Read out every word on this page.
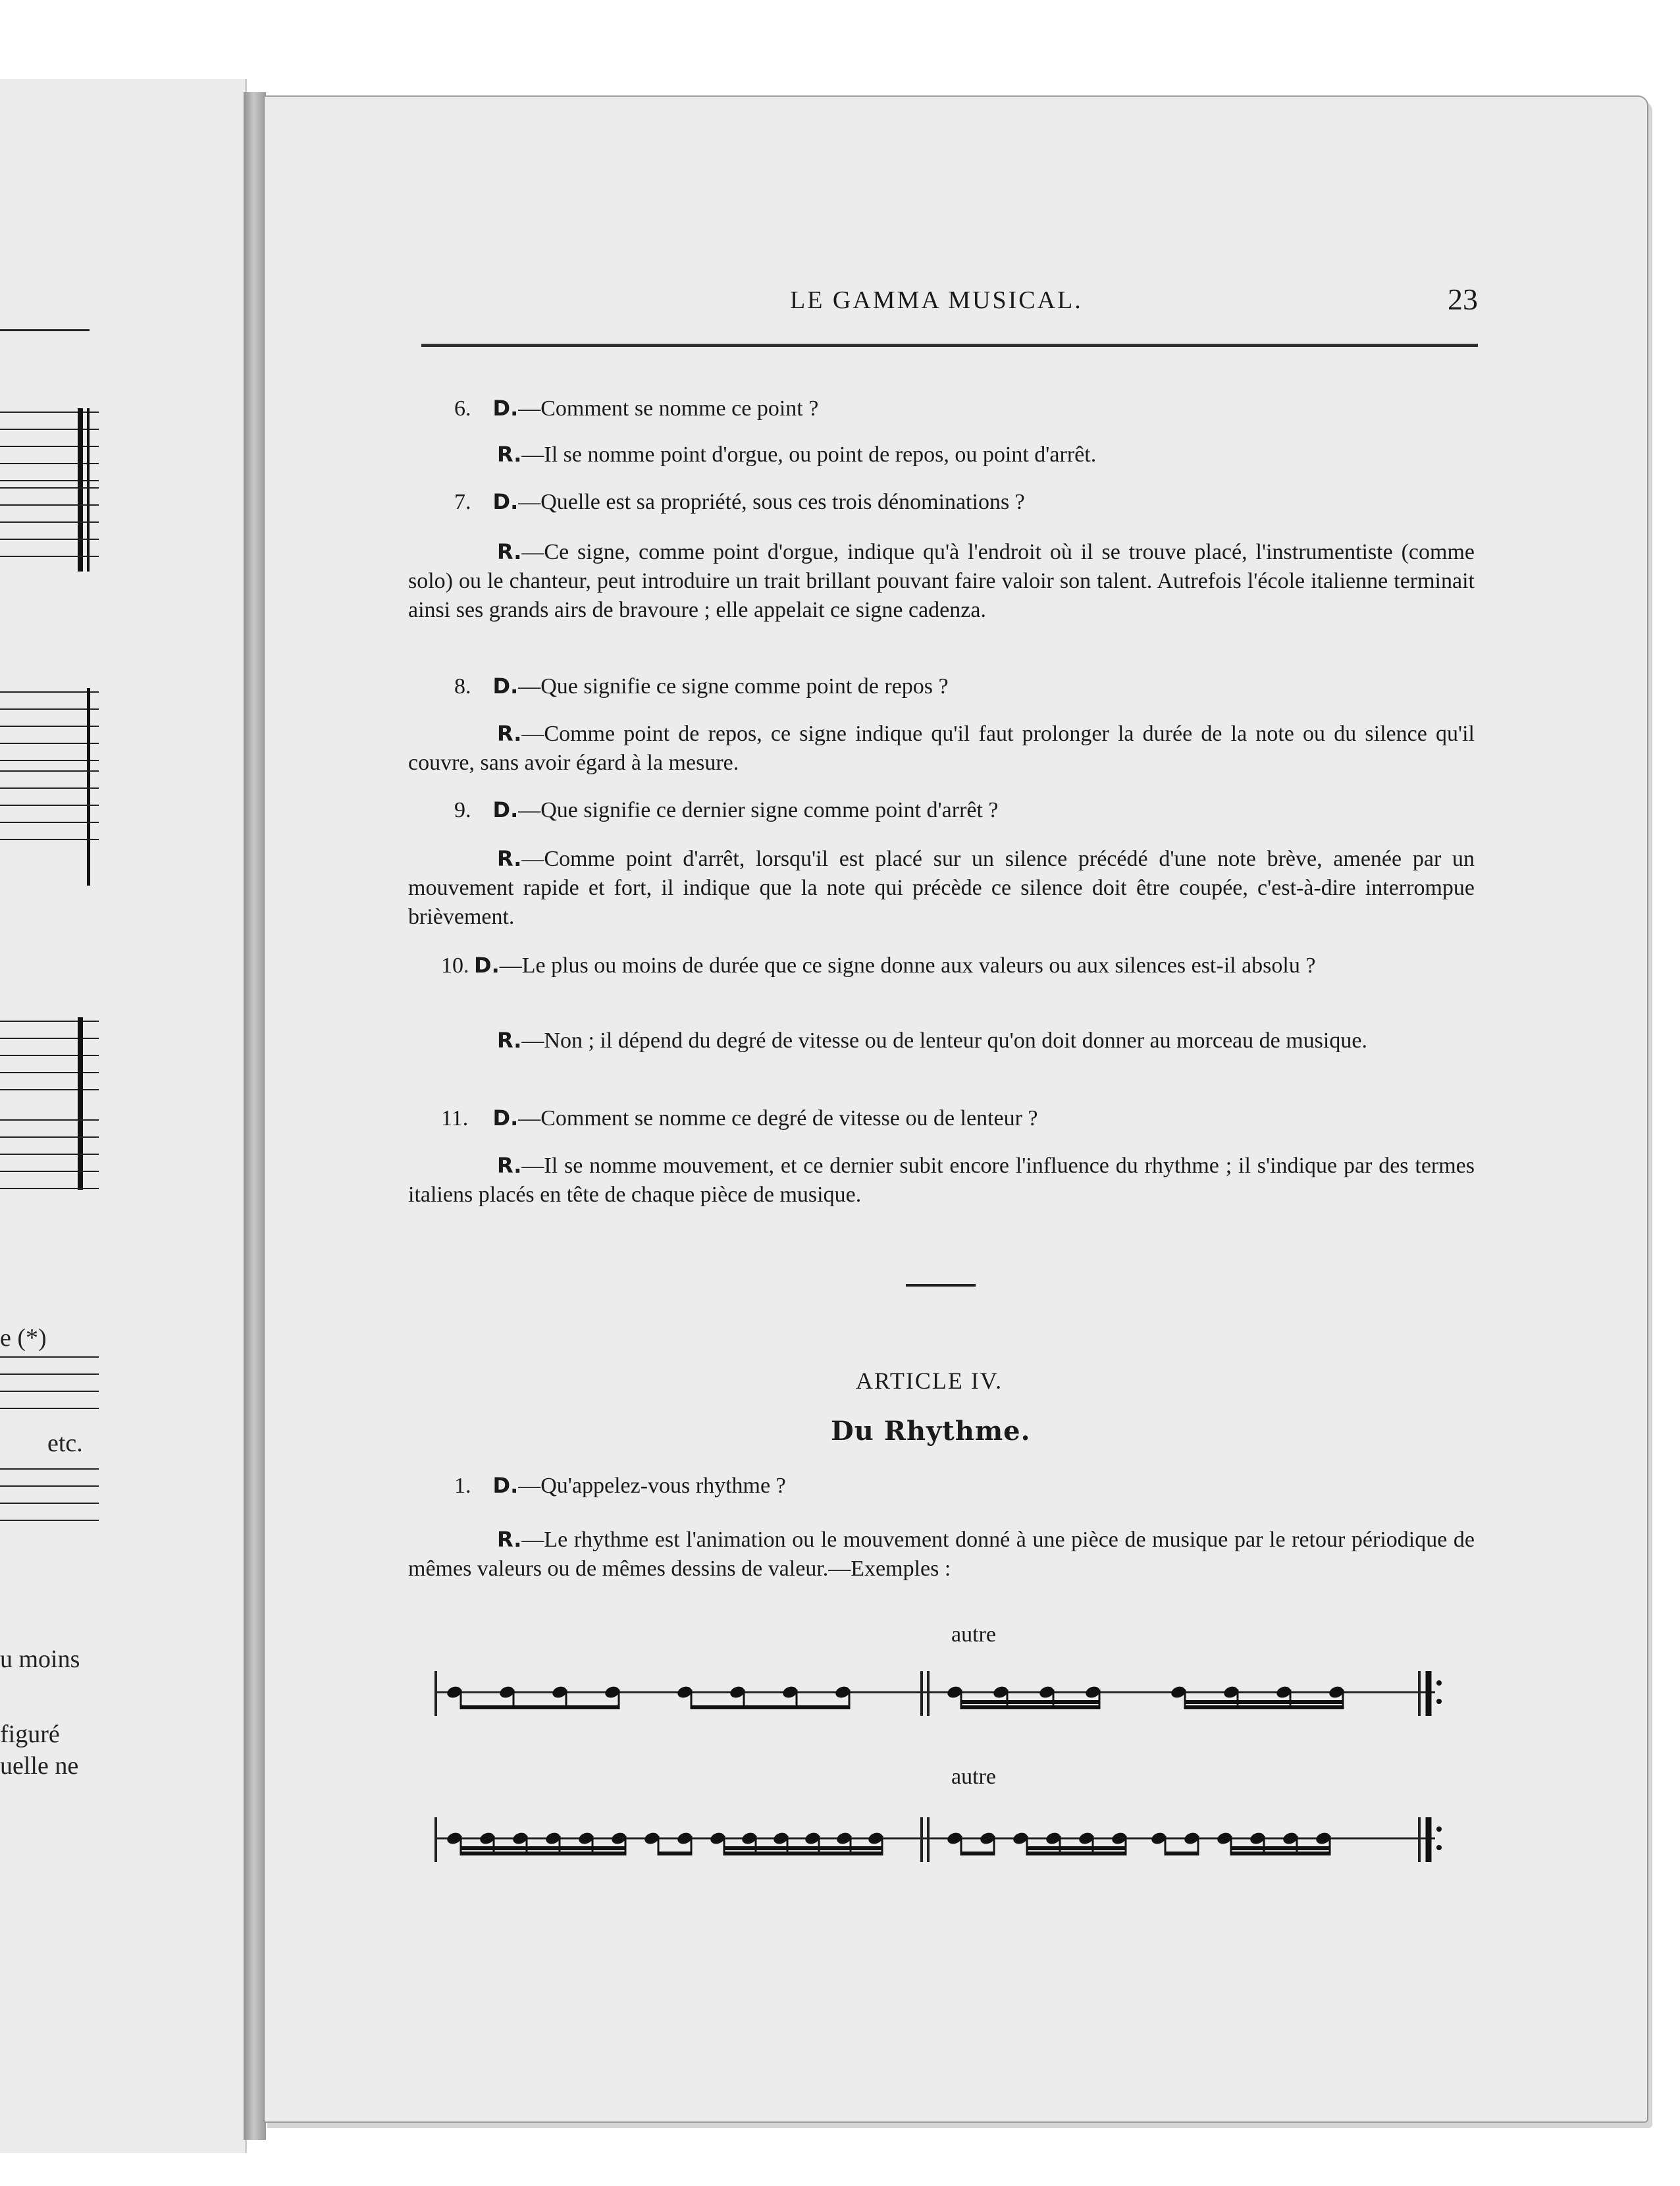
e (*)
etc.
u moins
figuré
uelle ne
LE GAMMA MUSICAL.	23
6. D.—Comment se nomme ce point ?
R.—Il se nomme point d'orgue, ou point de repos, ou point d'arrêt.
7. D.—Quelle est sa propriété, sous ces trois dénominations ?
R.—Ce signe, comme point d'orgue, indique qu'à l'endroit où il se trouve placé, l'instrumentiste (comme solo) ou le chanteur, peut introduire un trait brillant pouvant faire valoir son talent. Autrefois l'école italienne terminait ainsi ses grands airs de bravoure ; elle appelait ce signe cadenza.
8. D.—Que signifie ce signe comme point de repos ?
R.—Comme point de repos, ce signe indique qu'il faut prolonger la durée de la note ou du silence qu'il couvre, sans avoir égard à la mesure.
9. D.—Que signifie ce dernier signe comme point d'arrêt ?
R.—Comme point d'arrêt, lorsqu'il est placé sur un silence précédé d'une note brève, amenée par un mouvement rapide et fort, il indique que la note qui précède ce silence doit être coupée, c'est-à-dire interrompue brièvement.
10. D.—Le plus ou moins de durée que ce signe donne aux valeurs ou aux silences est-il absolu ?
R.—Non ; il dépend du degré de vitesse ou de lenteur qu'on doit donner au morceau de musique.
11. D.—Comment se nomme ce degré de vitesse ou de lenteur ?
R.—Il se nomme mouvement, et ce dernier subit encore l'influence du rhythme ; il s'indique par des termes italiens placés en tête de chaque pièce de musique.
ARTICLE IV.
Du Rhythme.
1. D.—Qu'appelez-vous rhythme ?
R.—Le rhythme est l'animation ou le mouvement donné à une pièce de musique par le retour périodique de mêmes valeurs ou de mêmes dessins de valeur.—Exemples :
autre
autre
